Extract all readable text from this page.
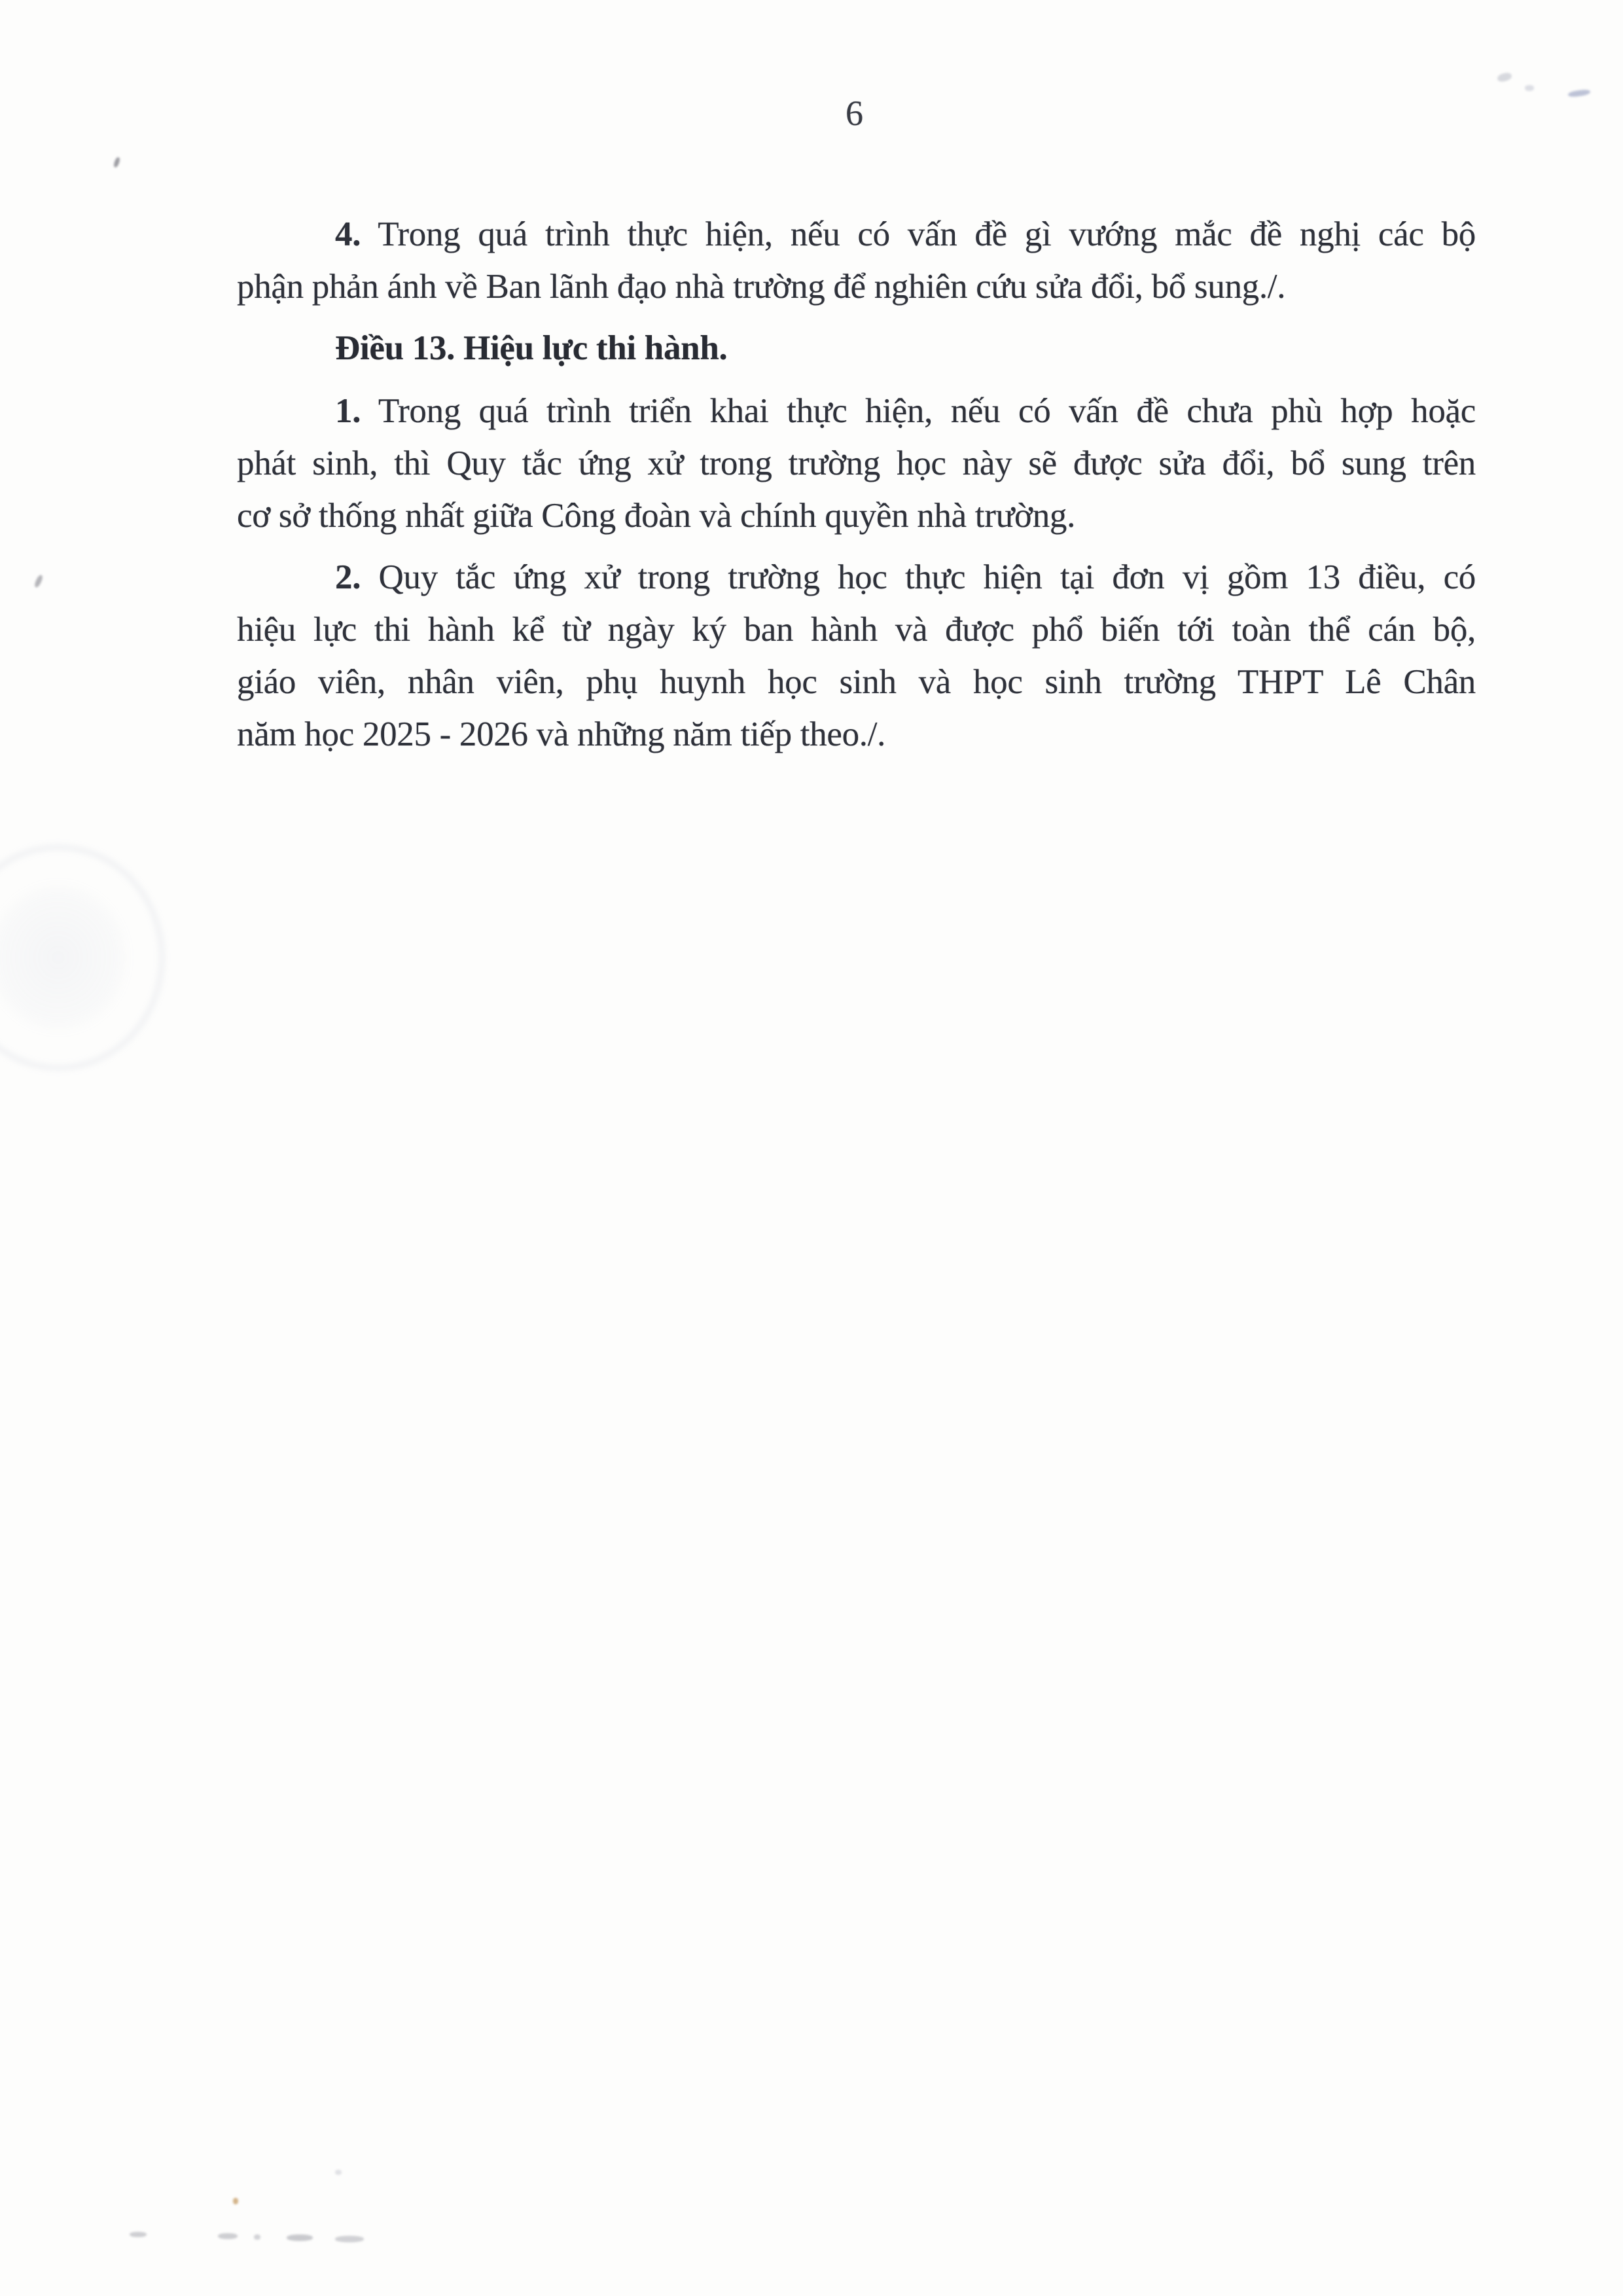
6

4. Trong quá trình thực hiện, nếu có vấn đề gì vướng mắc đề nghị các bộ
phận phản ánh về Ban lãnh đạo nhà trường để nghiên cứu sửa đổi, bổ sung./.

Điều 13. Hiệu lực thi hành.

1. Trong quá trình triển khai thực hiện, nếu có vấn đề chưa phù hợp hoặc
phát sinh, thì Quy tắc ứng xử trong trường học này sẽ được sửa đổi, bổ sung trên
cơ sở thống nhất giữa Công đoàn và chính quyền nhà trường.

2. Quy tắc ứng xử trong trường học thực hiện tại đơn vị gồm 13 điều, có
hiệu lực thi hành kể từ ngày ký ban hành và được phổ biến tới toàn thể cán bộ,
giáo viên, nhân viên, phụ huynh học sinh và học sinh trường THPT Lê Chân
năm học 2025 - 2026 và những năm tiếp theo./.
